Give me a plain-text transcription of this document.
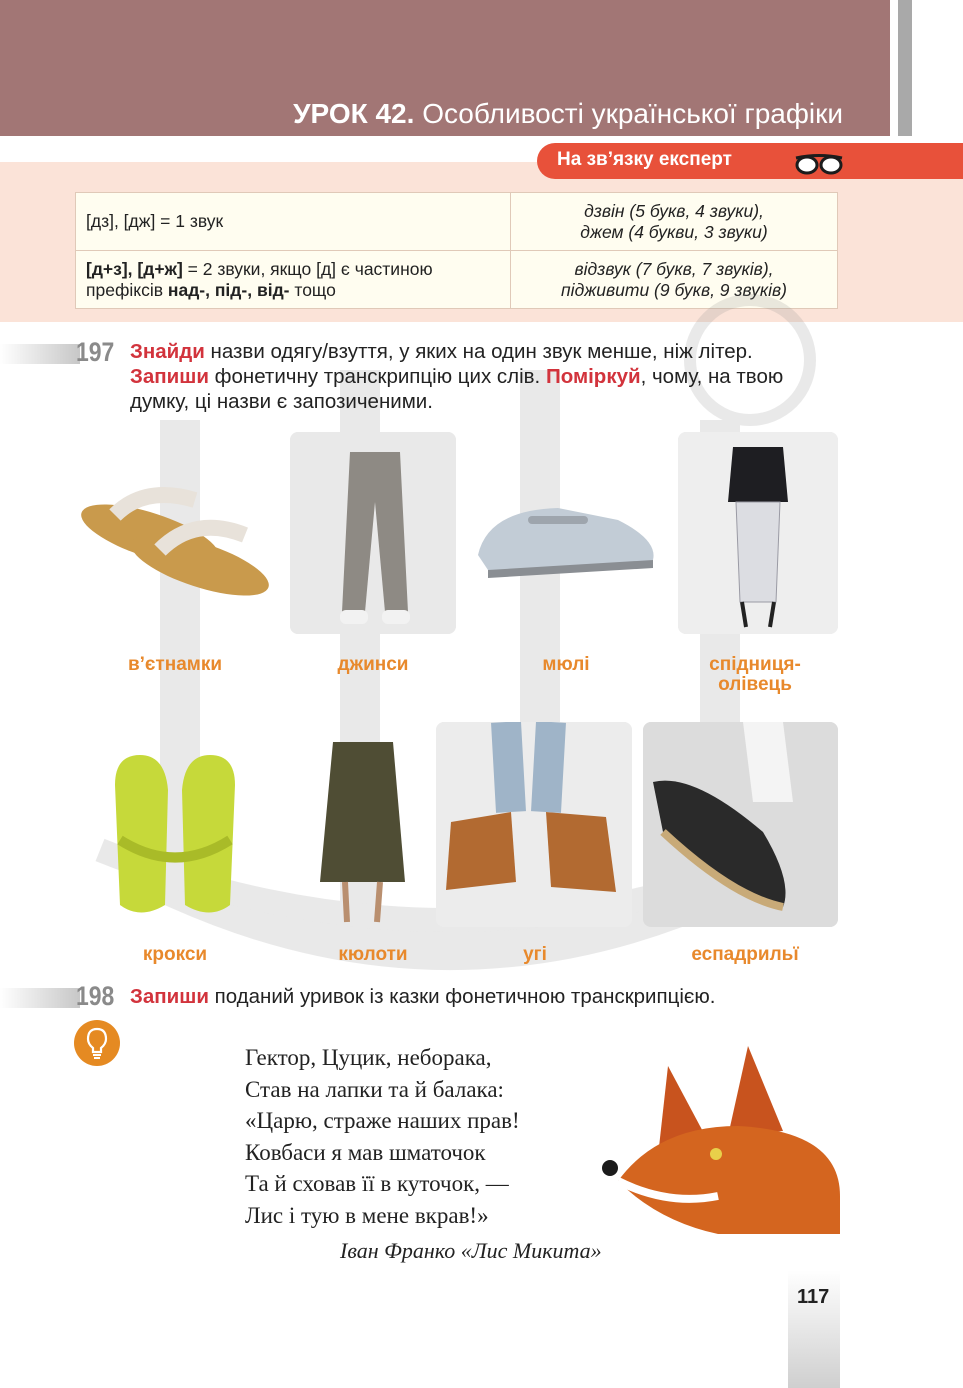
УРОК 42. Особливості української графіки
На зв’язку експерт
[дз], [дж] = 1 звук	дзвін (5 букв, 4 звуки),
джем (4 букви, 3 звуки)

[д+з], [д+ж] = 2 звуки, якщо [д] є частиною префіксів над-, під-, від- тощо	відзвук (7 букв, 7 звуків),
підживити (9 букв, 9 звуків)
197 Знайди назви одягу/взуття, у яких на один звук менше, ніж літер. Запиши фонетичну транскрипцію цих слів. Поміркуй, чому, на твою думку, ці назви є запозиченими.
в’єтнамки	джинси	мюлі	спідниця-олівець
крокси	кюлоти	угі	еспадрильї
198 Запиши поданий уривок із казки фонетичною транскрипцією.
Гектор, Цуцик, неборака,
Став на лапки та й балака:
«Царю, страже наших прав!
Ковбаси я мав шматочок
Та й сховав її в куточок, —
Лис і тую в мене вкрав!»
Іван Франко «Лис Микита»
117
